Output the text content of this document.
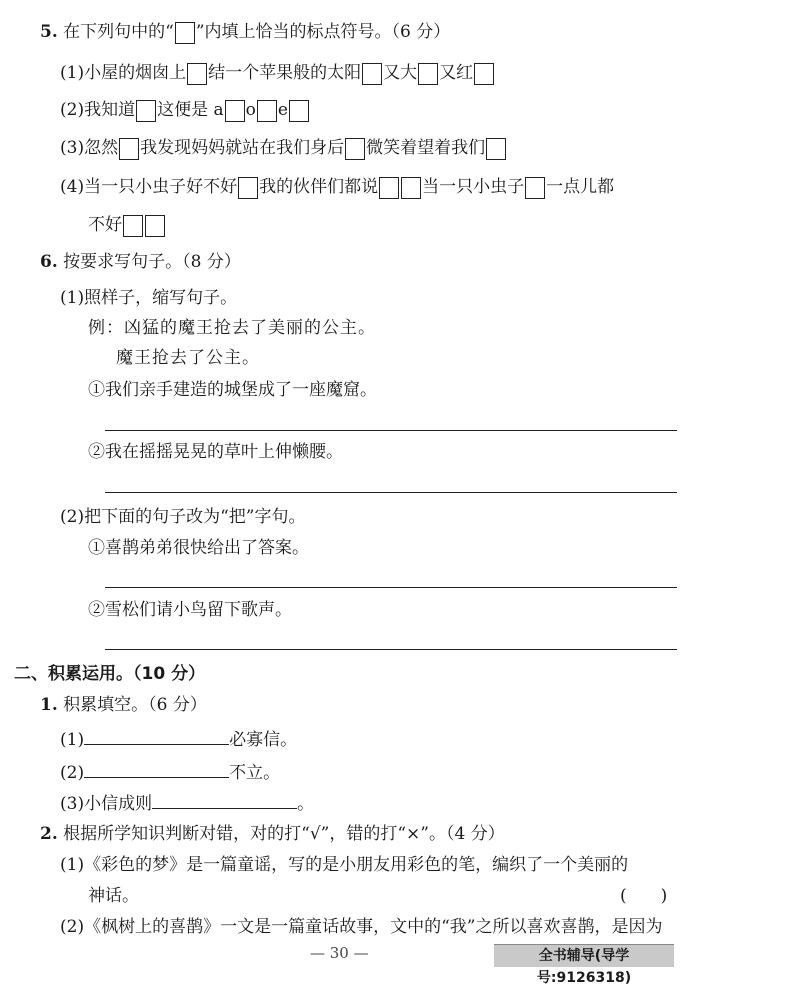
5. 在下列句中的“ ”内填上恰当的标点符号。（6 分）
(1)小屋的烟囱上 结一个苹果般的太阳 又大 又红
(2)我知道 这便是 a o e
(3)忽然 我发现妈妈就站在我们身后 微笑着望着我们
(4)当一只小虫子好不好 我的伙伴们都说	当一只小虫子 一点儿都
不好
6. 按要求写句子。（8 分）
(1)照样子，缩写句子。
例：凶猛的魔王抢去了美丽的公主。
魔王抢去了公主。
①我们亲手建造的城堡成了一座魔窟。
②我在摇摇晃晃的草叶上伸懒腰。
(2)把下面的句子改为“把”字句。
①喜鹊弟弟很快给出了答案。
②雪松们请小鸟留下歌声。
二、积累运用。（10 分）
1. 积累填空。（6 分）
(1)	必寡信。
(2)	不立。
(3)小信成则	。
2. 根据所学知识判断对错，对的打“√”，错的打“×”。（4 分）
(1)《彩色的梦》是一篇童谣，写的是小朋友用彩色的笔，编织了一个美丽的
神话。	(　　)
(2)《枫树上的喜鹊》一文是一篇童话故事，文中的“我”之所以喜欢喜鹊，是因为
— 30 —	全书辅导(导学号:9126318)
